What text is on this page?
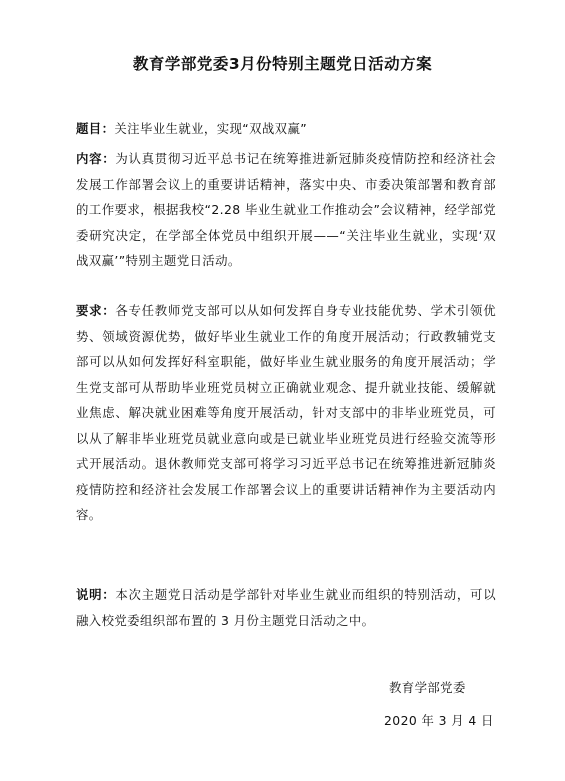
教育学部党委3月份特别主题党日活动方案
题目：关注毕业生就业，实现“双战双赢”
内容：为认真贯彻习近平总书记在统筹推进新冠肺炎疫情防控和经济社会发展工作部署会议上的重要讲话精神，落实中央、市委决策部署和教育部的工作要求，根据我校“2.28 毕业生就业工作推动会”会议精神，经学部党委研究决定，在学部全体党员中组织开展——“关注毕业生就业，实现‘双战双赢’”特别主题党日活动。
要求：各专任教师党支部可以从如何发挥自身专业技能优势、学术引领优势、领域资源优势，做好毕业生就业工作的角度开展活动；行政教辅党支部可以从如何发挥好科室职能，做好毕业生就业服务的角度开展活动；学生党支部可从帮助毕业班党员树立正确就业观念、提升就业技能、缓解就业焦虑、解决就业困难等角度开展活动，针对支部中的非毕业班党员，可以从了解非毕业班党员就业意向或是已就业毕业班党员进行经验交流等形式开展活动。退休教师党支部可将学习习近平总书记在统筹推进新冠肺炎疫情防控和经济社会发展工作部署会议上的重要讲话精神作为主要活动内容。
说明：本次主题党日活动是学部针对毕业生就业而组织的特别活动，可以融入校党委组织部布置的 3 月份主题党日活动之中。
教育学部党委
2020 年 3 月 4 日
